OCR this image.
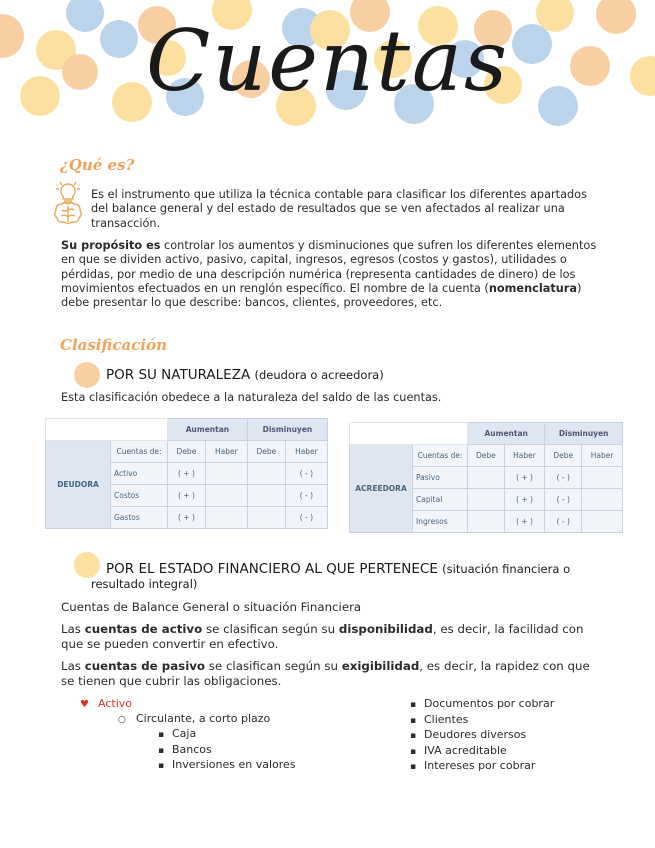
Cuentas
¿Qué es?
Es el instrumento que utiliza la técnica contable para clasificar los diferentes apartados del balance general y del estado de resultados que se ven afectados al realizar una transacción.
Su propósito es controlar los aumentos y disminuciones que sufren los diferentes elementos en que se dividen activo, pasivo, capital, ingresos, egresos (costos y gastos), utilidades o pérdidas, por medio de una descripción numérica (representa cantidades de dinero) de los movimientos efectuados en un renglón específico. El nombre de la cuenta (nomenclatura) debe presentar lo que describe: bancos, clientes, proveedores, etc.
Clasificación
POR SU NATURALEZA (deudora o acreedora)
Esta clasificación obedece a la naturaleza del saldo de las cuentas.
		Aumentan		Disminuyen	
DEUDORA	Cuentas de:	Debe	Haber	Debe	Haber
	Activo	( + )			( - )
	Costos	( + )			( - )
	Gastos	( + )			( - )
		Aumentan		Disminuyen	
ACREEDORA	Cuentas de:	Debe	Haber	Debe	Haber
	Pasivo		( + )	( - )	
	Capital		( + )	( - )	
	Ingresos		( + )	( - )	
POR EL ESTADO FINANCIERO AL QUE PERTENECE (situación financiera o
resultado integral)
Cuentas de Balance General o situación Financiera
Las cuentas de activo se clasifican según su disponibilidad, es decir, la facilidad con que se pueden convertir en efectivo.
Las cuentas de pasivo se clasifican según su exigibilidad, es decir, la rapidez con que se tienen que cubrir las obligaciones.
♥ Activo
○ Circulante, a corto plazo
▪ Caja
▪ Bancos
▪ Inversiones en valores
▪ Documentos por cobrar
▪ Clientes
▪ Deudores diversos
▪ IVA acreditable
▪ Intereses por cobrar
